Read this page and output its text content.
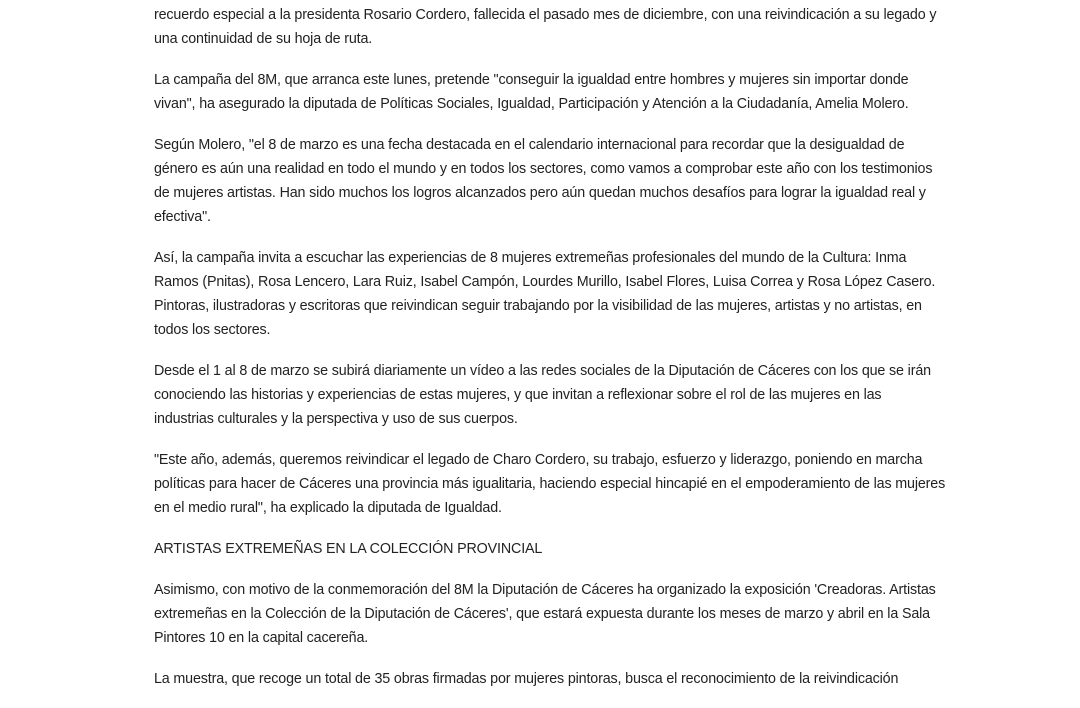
recuerdo especial a la presidenta Rosario Cordero, fallecida el pasado mes de diciembre, con una reivindicación a su legado y
una continuidad de su hoja de ruta.

La campaña del 8M, que arranca este lunes, pretende "conseguir la igualdad entre hombres y mujeres sin importar donde
vivan", ha asegurado la diputada de Políticas Sociales, Igualdad, Participación y Atención a la Ciudadanía, Amelia Molero.

Según Molero, "el 8 de marzo es una fecha destacada en el calendario internacional para recordar que la desigualdad de
género es aún una realidad en todo el mundo y en todos los sectores, como vamos a comprobar este año con los testimonios
de mujeres artistas. Han sido muchos los logros alcanzados pero aún quedan muchos desafíos para lograr la igualdad real y
efectiva".

Así, la campaña invita a escuchar las experiencias de 8 mujeres extremeñas profesionales del mundo de la Cultura: Inma
Ramos (Pnitas), Rosa Lencero, Lara Ruiz, Isabel Campón, Lourdes Murillo, Isabel Flores, Luisa Correa y Rosa López Casero.
Pintoras, ilustradoras y escritoras que reivindican seguir trabajando por la visibilidad de las mujeres, artistas y no artistas, en
todos los sectores.

Desde el 1 al 8 de marzo se subirá diariamente un vídeo a las redes sociales de la Diputación de Cáceres con los que se irán
conociendo las historias y experiencias de estas mujeres, y que invitan a reflexionar sobre el rol de las mujeres en las
industrias culturales y la perspectiva y uso de sus cuerpos.

"Este año, además, queremos reivindicar el legado de Charo Cordero, su trabajo, esfuerzo y liderazgo, poniendo en marcha
políticas para hacer de Cáceres una provincia más igualitaria, haciendo especial hincapié en el empoderamiento de las mujeres
en el medio rural", ha explicado la diputada de Igualdad.

ARTISTAS EXTREMEÑAS EN LA COLECCIÓN PROVINCIAL

Asimismo, con motivo de la conmemoración del 8M la Diputación de Cáceres ha organizado la exposición 'Creadoras. Artistas
extremeñas en la Colección de la Diputación de Cáceres', que estará expuesta durante los meses de marzo y abril en la Sala
Pintores 10 en la capital cacereña.

La muestra, que recoge un total de 35 obras firmadas por mujeres pintoras, busca el reconocimiento de la reivindicación
